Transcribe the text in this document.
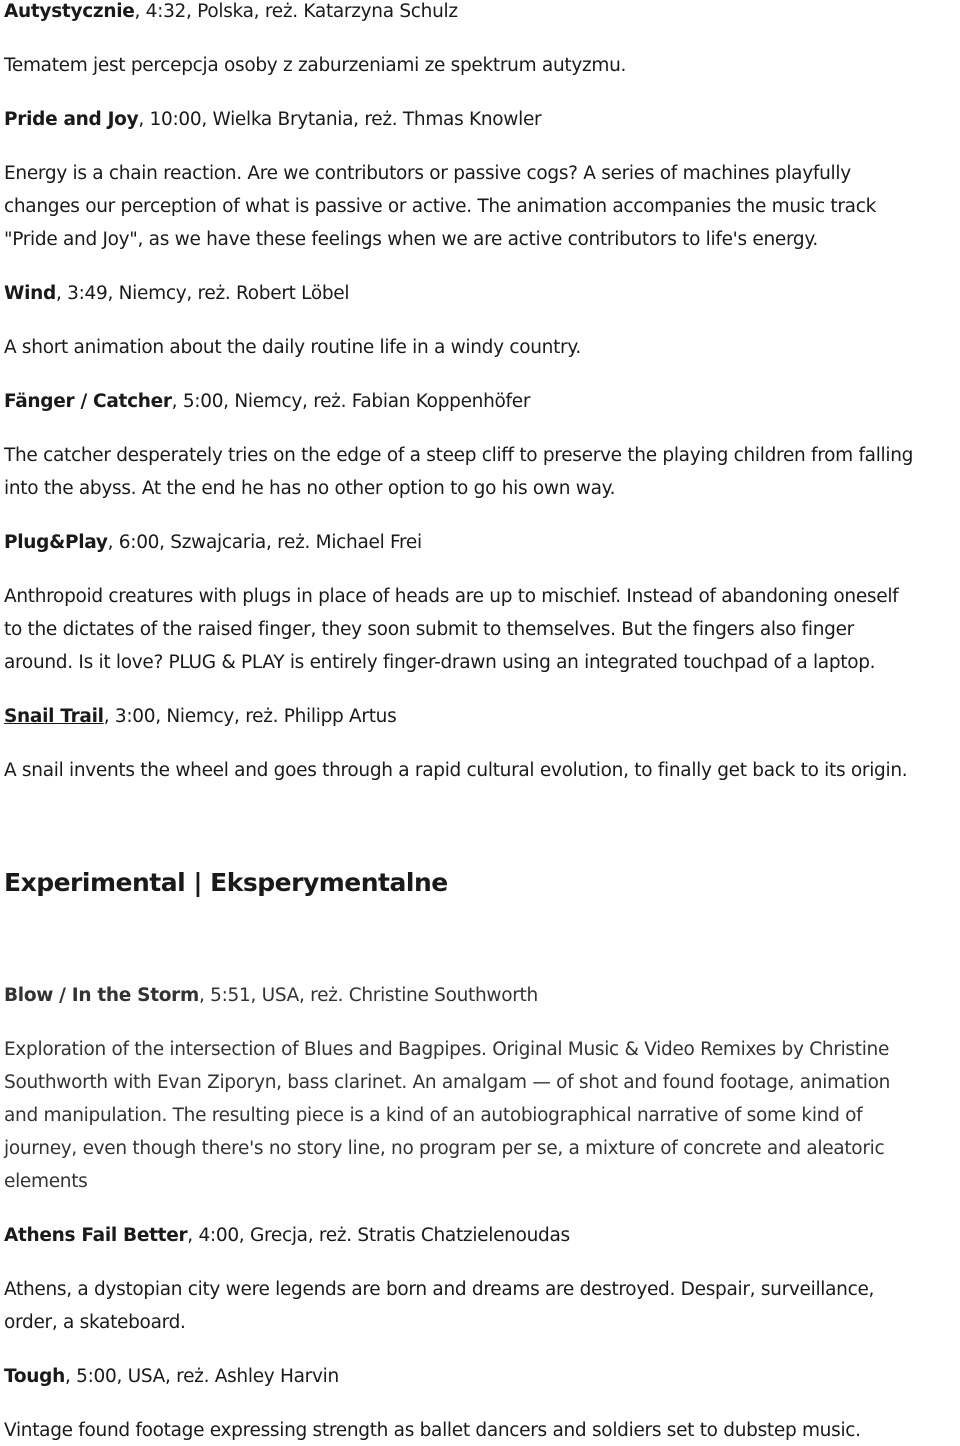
Autystycznie, 4:32, Polska, reż. Katarzyna Schulz

Tematem jest percepcja osoby z zaburzeniami ze spektrum autyzmu.

Pride and Joy, 10:00, Wielka Brytania, reż. Thmas Knowler

Energy is a chain reaction. Are we contributors or passive cogs? A series of machines playfully

changes our perception of what is passive or active. The animation accompanies the music track

"Pride and Joy", as we have these feelings when we are active contributors to life's energy.

Wind, 3:49, Niemcy, reż. Robert Löbel

A short animation about the daily routine life in a windy country.

Fänger / Catcher, 5:00, Niemcy, reż. Fabian Koppenhöfer

The catcher desperately tries on the edge of a steep cliff to preserve the playing children from falling

into the abyss. At the end he has no other option to go his own way.

Plug&Play, 6:00, Szwajcaria, reż. Michael Frei

Anthropoid creatures with plugs in place of heads are up to mischief. Instead of abandoning oneself

to the dictates of the raised finger, they soon submit to themselves. But the fingers also finger

around. Is it love? PLUG & PLAY is entirely finger-drawn using an integrated touchpad of a laptop.

Snail Trail, 3:00, Niemcy, reż. Philipp Artus

A snail invents the wheel and goes through a rapid cultural evolution, to finally get back to its origin.

Experimental | Eksperymentalne

Blow / In the Storm, 5:51, USA, reż. Christine Southworth

Exploration of the intersection of Blues and Bagpipes. Original Music & Video Remixes by Christine

Southworth with Evan Ziporyn, bass clarinet. An amalgam — of shot and found footage, animation

and manipulation. The resulting piece is a kind of an autobiographical narrative of some kind of

journey, even though there's no story line, no program per se, a mixture of concrete and aleatoric

elements

Athens Fail Better, 4:00, Grecja, reż. Stratis Chatzielenoudas

Athens, a dystopian city were legends are born and dreams are destroyed. Despair, surveillance,

order, a skateboard.

Tough, 5:00, USA, reż. Ashley Harvin

Vintage found footage expressing strength as ballet dancers and soldiers set to dubstep music.
